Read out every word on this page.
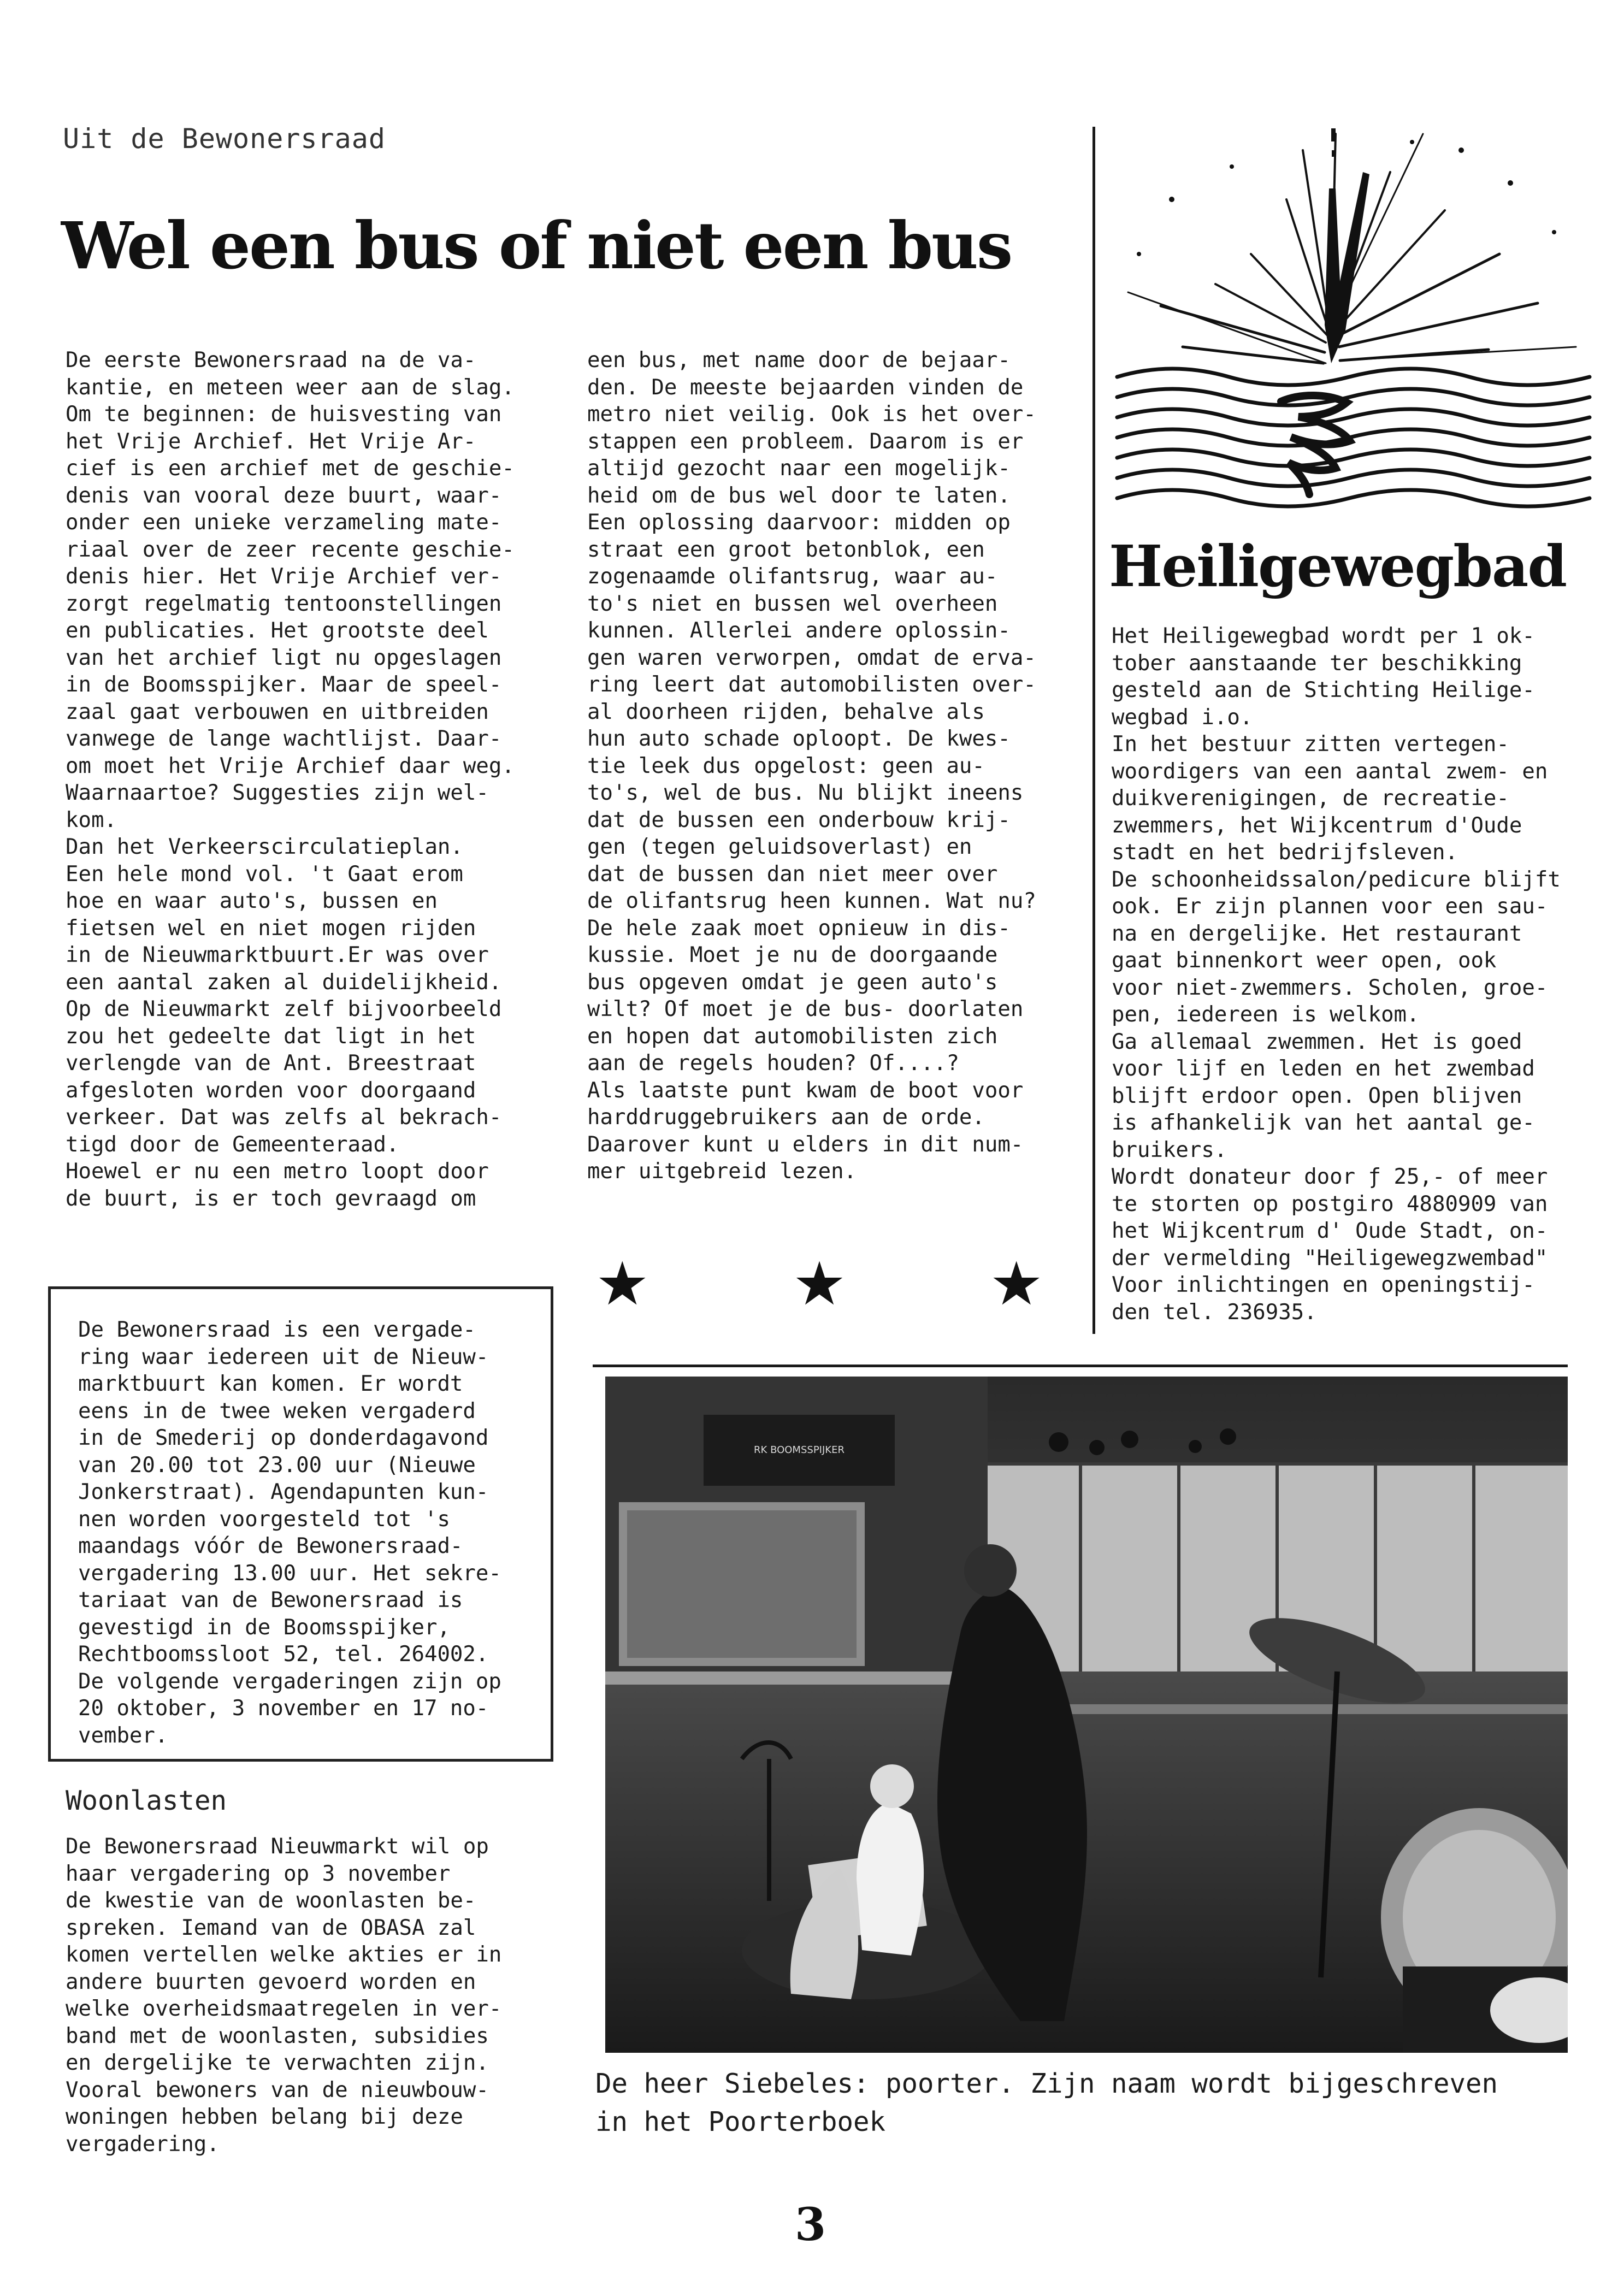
Uit de Bewonersraad
Wel een bus of niet een bus

De eerste Bewonersraad na de va-

kantie, en meteen weer aan de slag.

Om te beginnen: de huisvesting van

het Vrije Archief. Het Vrije Ar-

cief is een archief met de geschie-

denis van vooral deze buurt, waar-

onder een unieke verzameling mate-

riaal over de zeer recente geschie-

denis hier. Het Vrije Archief ver-

zorgt regelmatig tentoonstellingen

en publicaties. Het grootste deel

van het archief ligt nu opgeslagen

in de Boomsspijker. Maar de speel-

zaal gaat verbouwen en uitbreiden

vanwege de lange wachtlijst. Daar-

om moet het Vrije Archief daar weg.

Waarnaartoe? Suggesties zijn wel-

kom.

Dan het Verkeerscirculatieplan.

Een hele mond vol. 't Gaat erom

hoe en waar auto's, bussen en

fietsen wel en niet mogen rijden

in de Nieuwmarktbuurt.Er was over

een aantal zaken al duidelijkheid.

Op de Nieuwmarkt zelf bijvoorbeeld

zou het gedeelte dat ligt in het

verlengde van de Ant. Breestraat

afgesloten worden voor doorgaand

verkeer. Dat was zelfs al bekrach-

tigd door de Gemeenteraad.

Hoewel er nu een metro loopt door

de buurt, is er toch gevraagd om

een bus, met name door de bejaar-

den. De meeste bejaarden vinden de

metro niet veilig. Ook is het over-

stappen een probleem. Daarom is er

altijd gezocht naar een mogelijk-

heid om de bus wel door te laten.

Een oplossing daarvoor: midden op

straat een groot betonblok, een

zogenaamde olifantsrug, waar au-

to's niet en bussen wel overheen

kunnen. Allerlei andere oplossin-

gen waren verworpen, omdat de erva-

ring leert dat automobilisten over-

al doorheen rijden, behalve als

hun auto schade oploopt. De kwes-

tie leek dus opgelost: geen au-

to's, wel de bus. Nu blijkt ineens

dat de bussen een onderbouw krij-

gen (tegen geluidsoverlast) en

dat de bussen dan niet meer over

de olifantsrug heen kunnen. Wat nu?

De hele zaak moet opnieuw in dis-

kussie. Moet je nu de doorgaande

bus opgeven omdat je geen auto's

wilt? Of moet je de bus- doorlaten

en hopen dat automobilisten zich

aan de regels houden? Of....?

Als laatste punt kwam de boot voor

harddruggebruikers aan de orde.

Daarover kunt u elders in dit num-

mer uitgebreid lezen.

Heiligewegbad

Het Heiligewegbad wordt per 1 ok-

tober aanstaande ter beschikking

gesteld aan de Stichting Heilige-

wegbad i.o.

In het bestuur zitten vertegen-

woordigers van een aantal zwem- en

duikverenigingen, de recreatie-

zwemmers, het Wijkcentrum d'Oude

stadt en het bedrijfsleven.

De schoonheidssalon/pedicure blijft

ook. Er zijn plannen voor een sau-

na en dergelijke. Het restaurant

gaat binnenkort weer open, ook

voor niet-zwemmers. Scholen, groe-

pen, iedereen is welkom.

Ga allemaal zwemmen. Het is goed

voor lijf en leden en het zwembad

blijft erdoor open. Open blijven

is afhankelijk van het aantal ge-

bruikers.

Wordt donateur door ƒ 25,- of meer

te storten op postgiro 4880909 van

het Wijkcentrum d' Oude Stadt, on-

der vermelding "Heiligewegzwembad"

Voor inlichtingen en openingstij-

den tel. 236935.

★ ★ ★

De Bewonersraad is een vergade-

ring waar iedereen uit de Nieuw-

marktbuurt kan komen. Er wordt

eens in de twee weken vergaderd

in de Smederij op donderdagavond

van 20.00 tot 23.00 uur (Nieuwe

Jonkerstraat). Agendapunten kun-

nen worden voorgesteld tot 's

maandags vóór de Bewonersraad-

vergadering 13.00 uur. Het sekre-

tariaat van de Bewonersraad is

gevestigd in de Boomsspijker,

Rechtboomssloot 52, tel. 264002.

De volgende vergaderingen zijn op

20 oktober, 3 november en 17 no-

vember.

Woonlasten

De Bewonersraad Nieuwmarkt wil op

haar vergadering op 3 november

de kwestie van de woonlasten be-

spreken. Iemand van de OBASA zal

komen vertellen welke akties er in

andere buurten gevoerd worden en

welke overheidsmaatregelen in ver-

band met de woonlasten, subsidies

en dergelijke te verwachten zijn.

Vooral bewoners van de nieuwbouw-

woningen hebben belang bij deze

vergadering.

RK BOOMSSPIJKER

De heer Siebeles: poorter. Zijn naam wordt bijgeschreven

in het Poorterboek

3
